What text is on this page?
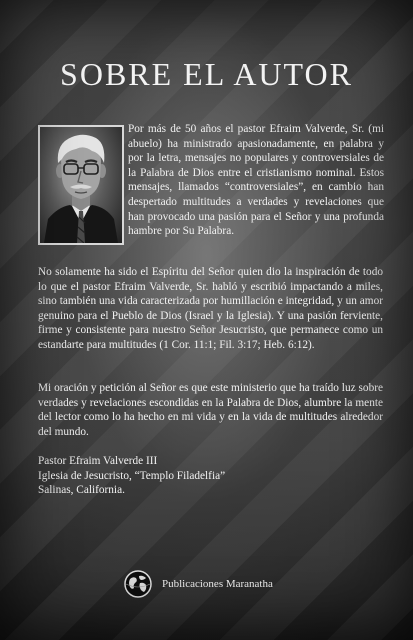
SOBRE EL AUTOR

Por más de 50 años el pastor Efraim Valverde, Sr. (mi abuelo) ha ministrado apasionadamente, en palabra y por la letra, mensajes no populares y controversiales de la Palabra de Dios entre el cristianismo nominal. Estos mensajes, llamados “controversiales”, en cambio han despertado multitudes a verdades y revelaciones que han provocado una pasión para el Señor y una profunda hambre por Su Palabra.

No solamente ha sido el Espíritu del Señor quien dio la inspiración de todo lo que el pastor Efraim Valverde, Sr. habló y escribió impactando a miles, sino también una vida caracterizada por humillación e integridad, y un amor genuino para el Pueblo de Dios (Israel y la Iglesia). Y una pasión ferviente, firme y consistente para nuestro Señor Jesucristo, que permanece como un estandarte para multitudes (1 Cor. 11:1; Fil. 3:17; Heb. 6:12).

Mi oración y petición al Señor es que este ministerio que ha traído luz sobre verdades y revelaciones escondidas en la Palabra de Dios, alumbre la mente del lector como lo ha hecho en mi vida y en la vida de multitudes alrededor del mundo.

Pastor Efraim Valverde III
Iglesia de Jesucristo, “Templo Filadelfia”
Salinas, California.
Publicaciones Maranatha
